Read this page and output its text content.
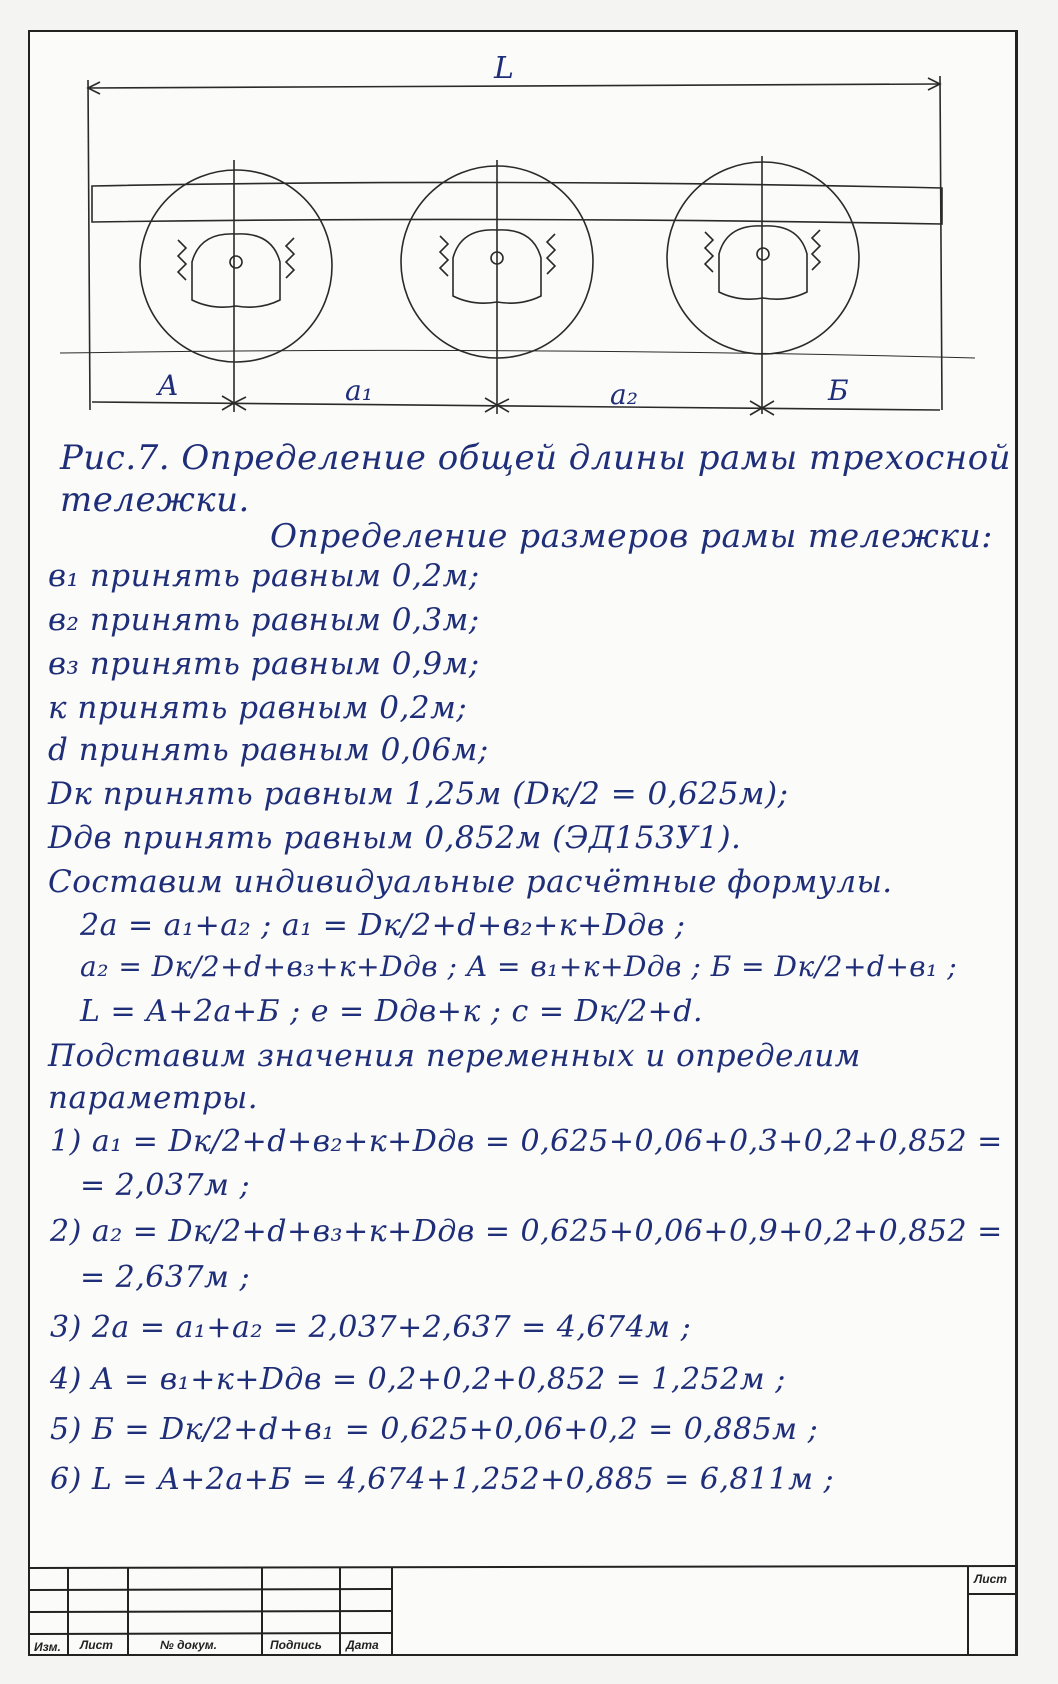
L
A	a₁	a₂	Б
Рис.7. Определение общей длины рамы трехосной
тележки.
Определение размеров рамы тележки:
в₁ принять равным 0,2м;
в₂ принять равным 0,3м;
в₃ принять равным 0,9м;
к принять равным 0,2м;
d принять равным 0,06м;
Dк принять равным 1,25м (Dк/2 = 0,625м);
Dдв принять равным 0,852м (ЭД153У1).
Составим индивидуальные расчётные формулы.
2a = a₁+a₂ ; a₁ = Dк/2+d+в₂+к+Dдв ;
a₂ = Dк/2+d+в₃+к+Dдв ; A = в₁+к+Dдв ; Б = Dк/2+d+в₁ ;
L = A+2a+Б ; e = Dдв+к ; c = Dк/2+d.
Подставим значения переменных и определим
параметры.
1) a₁ = Dк/2+d+в₂+к+Dдв = 0,625+0,06+0,3+0,2+0,852 =
= 2,037м ;
2) a₂ = Dк/2+d+в₃+к+Dдв = 0,625+0,06+0,9+0,2+0,852 =
= 2,637м ;
3) 2a = a₁+a₂ = 2,037+2,637 = 4,674м ;
4) A = в₁+к+Dдв = 0,2+0,2+0,852 = 1,252м ;
5) Б = Dк/2+d+в₁ = 0,625+0,06+0,2 = 0,885м ;
6) L = A+2a+Б = 4,674+1,252+0,885 = 6,811м ;
Изм. Лист	№ докум.	Подпись Дата
Лист
